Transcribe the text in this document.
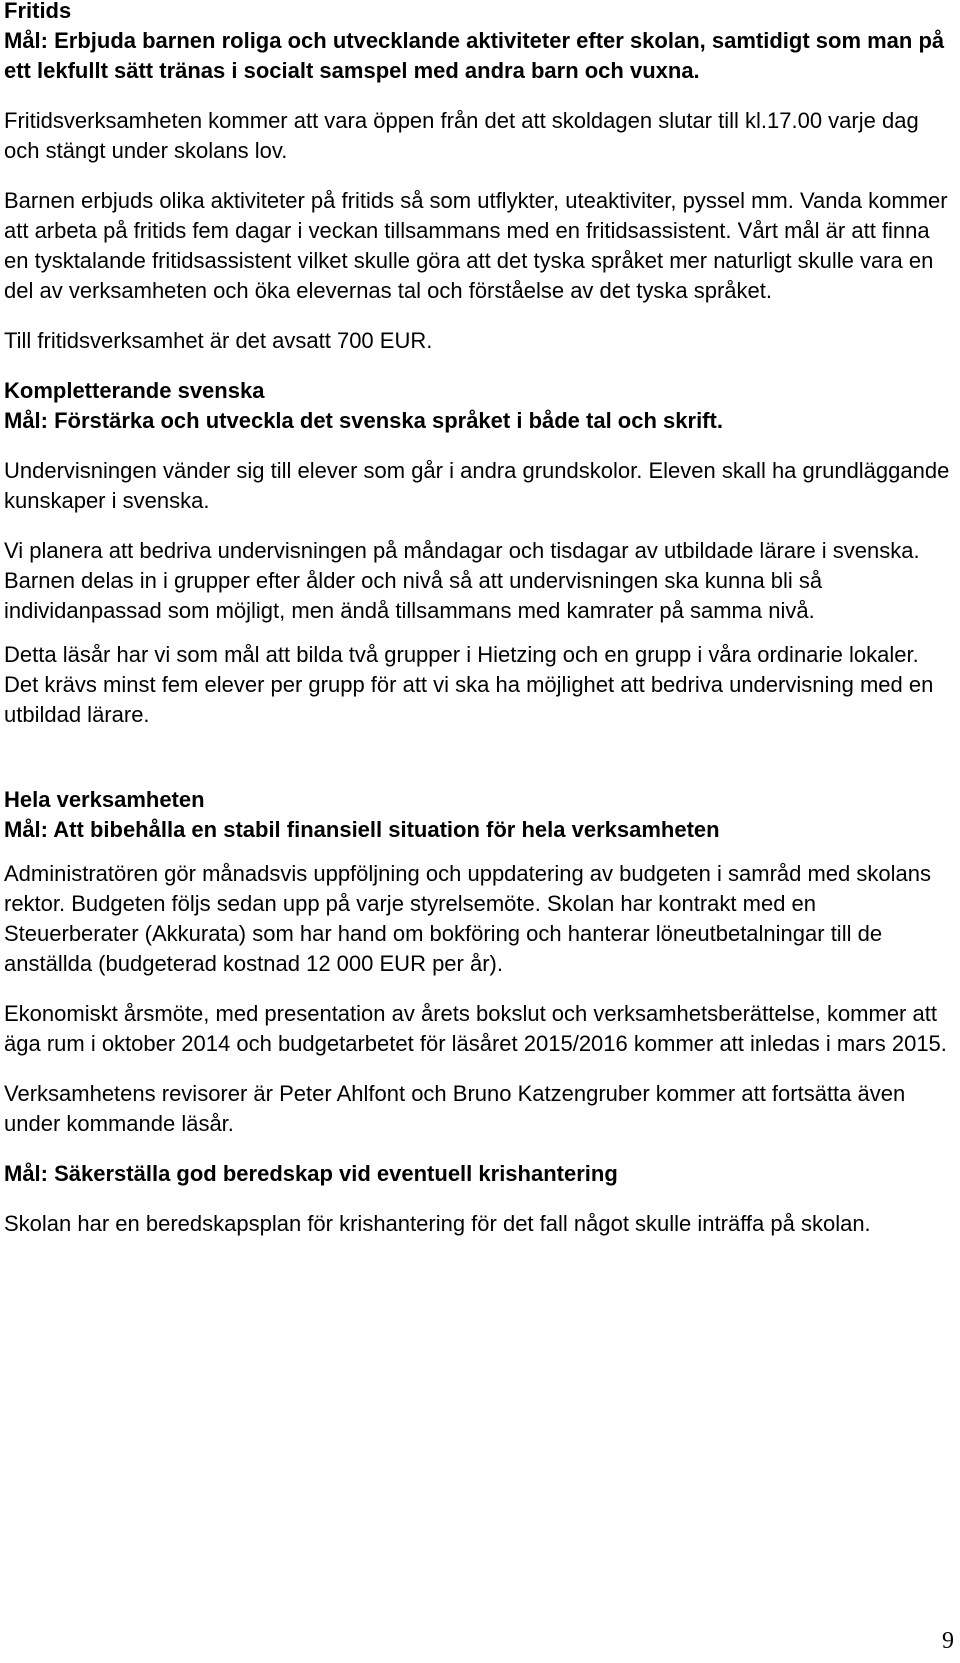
Fritids

Mål: Erbjuda barnen roliga och utvecklande aktiviteter efter skolan, samtidigt som man på ett lekfullt sätt tränas i socialt samspel med andra barn och vuxna.

Fritidsverksamheten kommer att vara öppen från det att skoldagen slutar till kl.17.00 varje dag och stängt under skolans lov.

Barnen erbjuds olika aktiviteter på fritids så som utflykter, uteaktiviter, pyssel mm. Vanda kommer att arbeta på fritids fem dagar i veckan tillsammans med en fritidsassistent. Vårt mål är att finna en tysktalande fritidsassistent vilket skulle göra att det tyska språket mer naturligt skulle vara en del av verksamheten och öka elevernas tal och förståelse av det tyska språket.

Till fritidsverksamhet är det avsatt 700 EUR.

Kompletterande svenska

Mål: Förstärka och utveckla det svenska språket i både tal och skrift.

Undervisningen vänder sig till elever som går i andra grundskolor. Eleven skall ha grundläggande kunskaper i svenska.

Vi planera att bedriva undervisningen på måndagar och tisdagar av utbildade lärare i svenska. Barnen delas in i grupper efter ålder och nivå så att undervisningen ska kunna bli så individanpassad som möjligt, men ändå tillsammans med kamrater på samma nivå.

Detta läsår har vi som mål att bilda två grupper i Hietzing och en grupp i våra ordinarie lokaler. Det krävs minst fem elever per grupp för att vi ska ha möjlighet att bedriva undervisning med en utbildad lärare.

Hela verksamheten

Mål: Att bibehålla en stabil finansiell situation för hela verksamheten

Administratören gör månadsvis uppföljning och uppdatering av budgeten i samråd med skolans rektor. Budgeten följs sedan upp på varje styrelsemöte. Skolan har kontrakt med en Steuerberater (Akkurata) som har hand om bokföring och hanterar löneutbetalningar till de anställda (budgeterad kostnad 12 000 EUR per år).

Ekonomiskt årsmöte, med presentation av årets bokslut och verksamhetsberättelse, kommer att äga rum i oktober 2014 och budgetarbetet för läsåret 2015/2016 kommer att inledas i mars 2015.

Verksamhetens revisorer är Peter Ahlfont och Bruno Katzengruber kommer att fortsätta även under kommande läsår.

Mål: Säkerställa god beredskap vid eventuell krishantering

Skolan har en beredskapsplan för krishantering för det fall något skulle inträffa på skolan.

9
